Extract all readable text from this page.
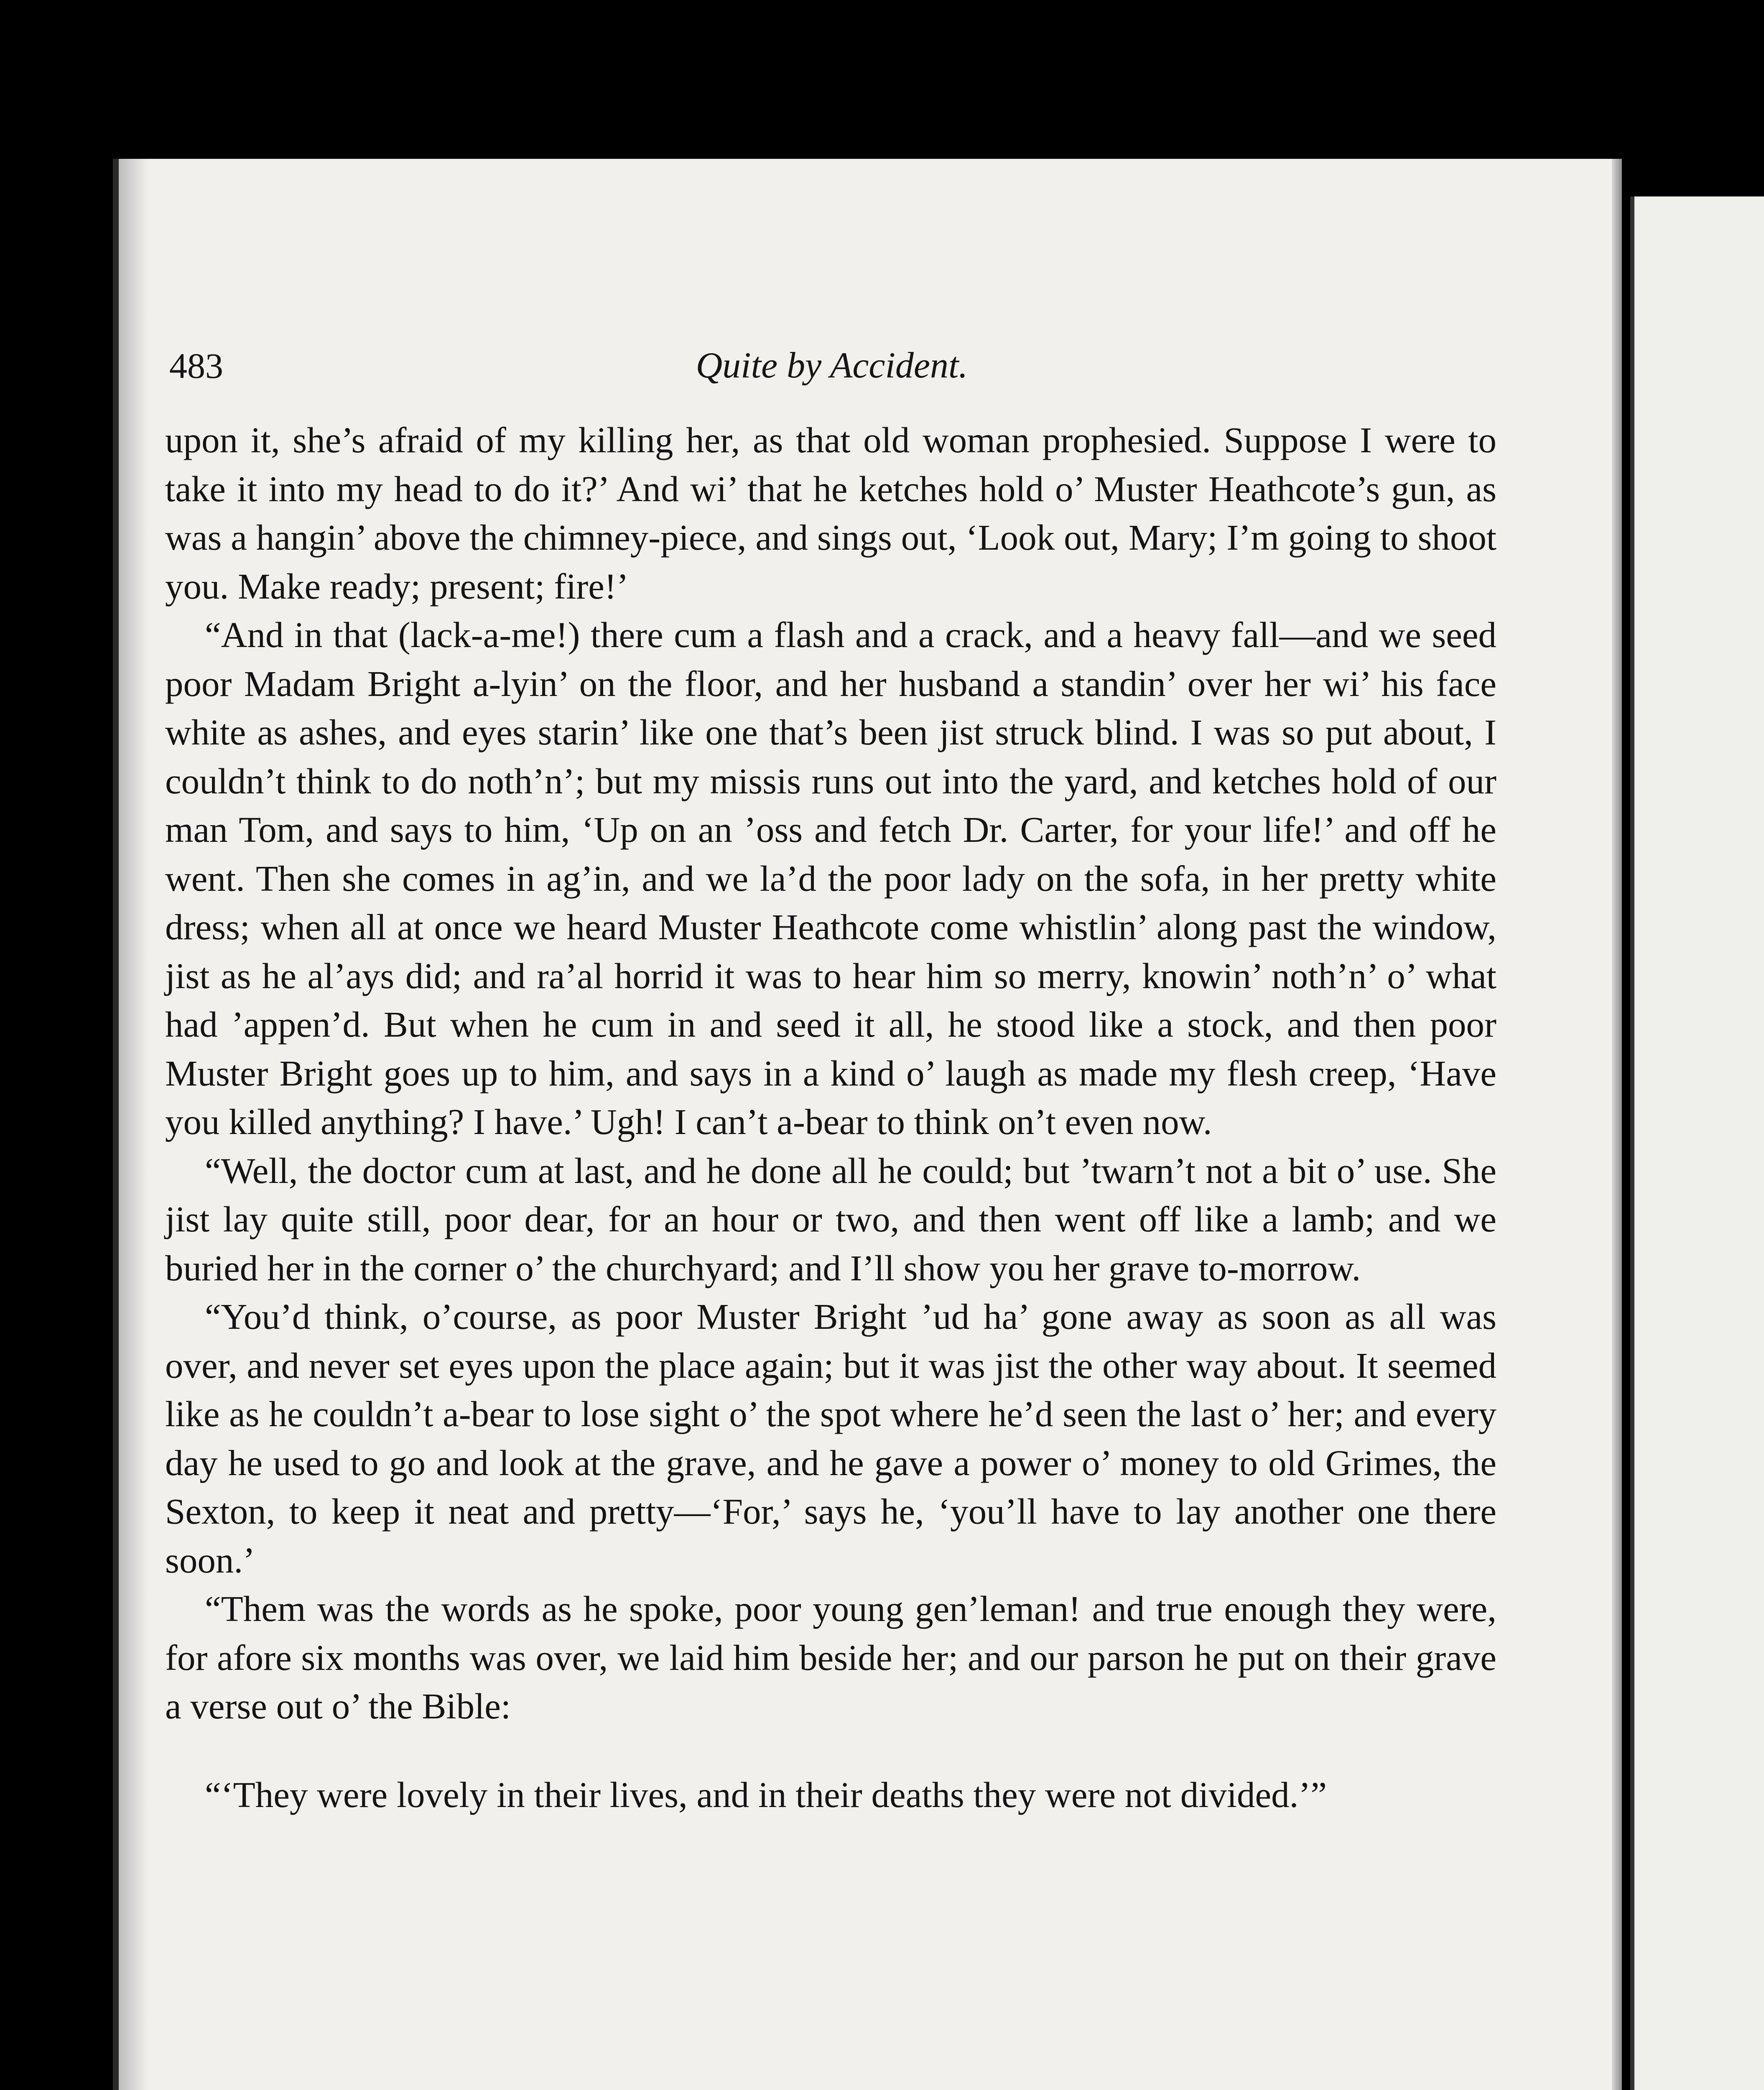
483	Quite by Accident.

upon it, she’s afraid of my killing her, as that old woman prophesied. Suppose I were to take it into my head to do it?’ And wi’ that he ketches hold o’ Muster Heathcote’s gun, as was a hangin’ above the chimney-piece, and sings out, ‘Look out, Mary; I’m going to shoot you. Make ready; present; fire!’

“And in that (lack-a-me!) there cum a flash and a crack, and a heavy fall—and we seed poor Madam Bright a-lyin’ on the floor, and her husband a standin’ over her wi’ his face white as ashes, and eyes starin’ like one that’s been jist struck blind. I was so put about, I couldn’t think to do noth’n’; but my missis runs out into the yard, and ketches hold of our man Tom, and says to him, ‘Up on an ’oss and fetch Dr. Carter, for your life!’ and off he went. Then she comes in ag’in, and we la’d the poor lady on the sofa, in her pretty white dress; when all at once we heard Muster Heathcote come whistlin’ along past the window, jist as he al’ays did; and ra’al horrid it was to hear him so merry, knowin’ noth’n’ o’ what had ’appen’d. But when he cum in and seed it all, he stood like a stock, and then poor Muster Bright goes up to him, and says in a kind o’ laugh as made my flesh creep, ‘Have you killed anything? I have.’ Ugh! I can’t a-bear to think on’t even now.

“Well, the doctor cum at last, and he done all he could; but ’twarn’t not a bit o’ use. She jist lay quite still, poor dear, for an hour or two, and then went off like a lamb; and we buried her in the corner o’ the churchyard; and I’ll show you her grave to-morrow.

“You’d think, o’course, as poor Muster Bright ’ud ha’ gone away as soon as all was over, and never set eyes upon the place again; but it was jist the other way about. It seemed like as he couldn’t a-bear to lose sight o’ the spot where he’d seen the last o’ her; and every day he used to go and look at the grave, and he gave a power o’ money to old Grimes, the Sexton, to keep it neat and pretty—‘For,’ says he, ‘you’ll have to lay another one there soon.’

“Them was the words as he spoke, poor young gen’leman! and true enough they were, for afore six months was over, we laid him beside her; and our parson he put on their grave a verse out o’ the Bible:

“‘They were lovely in their lives, and in their deaths they were not divided.’”
